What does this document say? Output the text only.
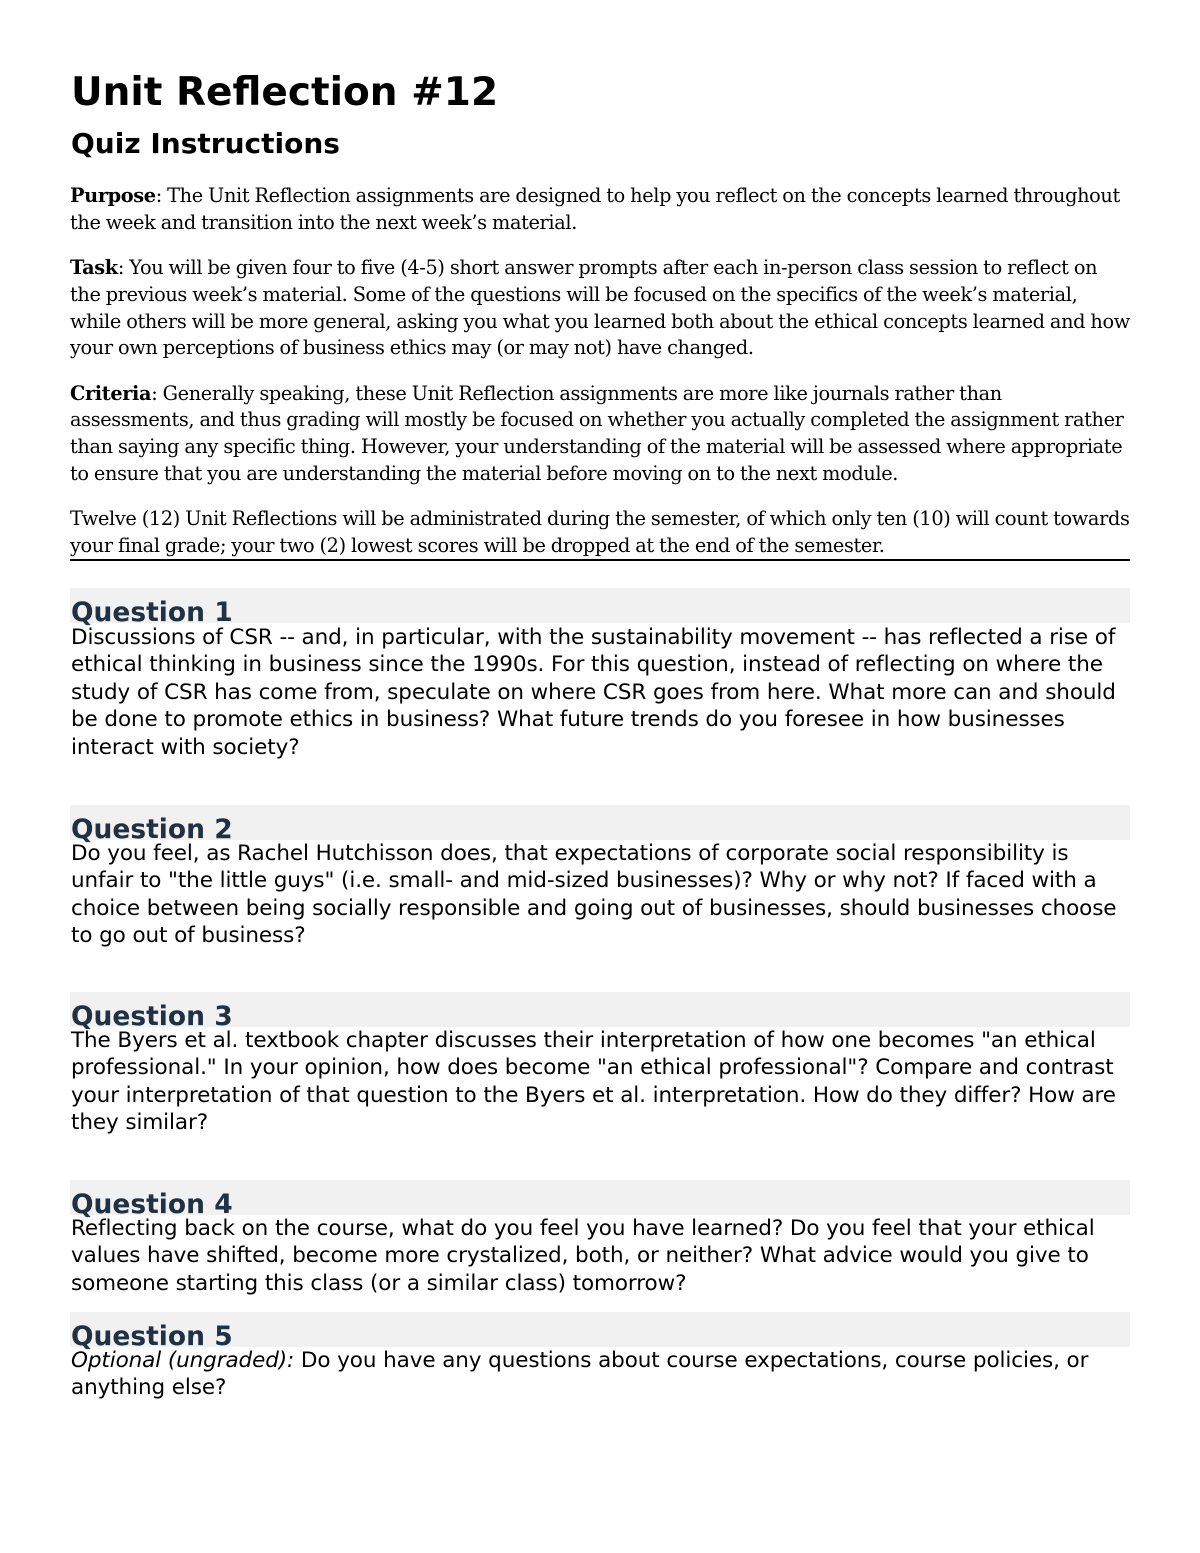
Unit Reflection #12
Quiz Instructions

Purpose: The Unit Reflection assignments are designed to help you reflect on the concepts learned throughout the week and transition into the next week’s material.

Task: You will be given four to five (4-5) short answer prompts after each in-person class session to reflect on the previous week’s material. Some of the questions will be focused on the specifics of the week’s material, while others will be more general, asking you what you learned both about the ethical concepts learned and how your own perceptions of business ethics may (or may not) have changed.

Criteria: Generally speaking, these Unit Reflection assignments are more like journals rather than assessments, and thus grading will mostly be focused on whether you actually completed the assignment rather than saying any specific thing. However, your understanding of the material will be assessed where appropriate to ensure that you are understanding the material before moving on to the next module.

Twelve (12) Unit Reflections will be administrated during the semester, of which only ten (10) will count towards your final grade; your two (2) lowest scores will be dropped at the end of the semester.

Question 1
Discussions of CSR -- and, in particular, with the sustainability movement -- has reflected a rise of ethical thinking in business since the 1990s. For this question, instead of reflecting on where the study of CSR has come from, speculate on where CSR goes from here. What more can and should be done to promote ethics in business? What future trends do you foresee in how businesses interact with society?
Question 2
Do you feel, as Rachel Hutchisson does, that expectations of corporate social responsibility is unfair to "the little guys" (i.e. small- and mid-sized businesses)? Why or why not? If faced with a choice between being socially responsible and going out of businesses, should businesses choose to go out of business?
Question 3
The Byers et al. textbook chapter discusses their interpretation of how one becomes "an ethical professional." In your opinion, how does become "an ethical professional"? Compare and contrast your interpretation of that question to the Byers et al. interpretation. How do they differ? How are they similar?
Question 4
Reflecting back on the course, what do you feel you have learned? Do you feel that your ethical values have shifted, become more crystalized, both, or neither? What advice would you give to someone starting this class (or a similar class) tomorrow?
Question 5
Optional (ungraded): Do you have any questions about course expectations, course policies, or anything else?
